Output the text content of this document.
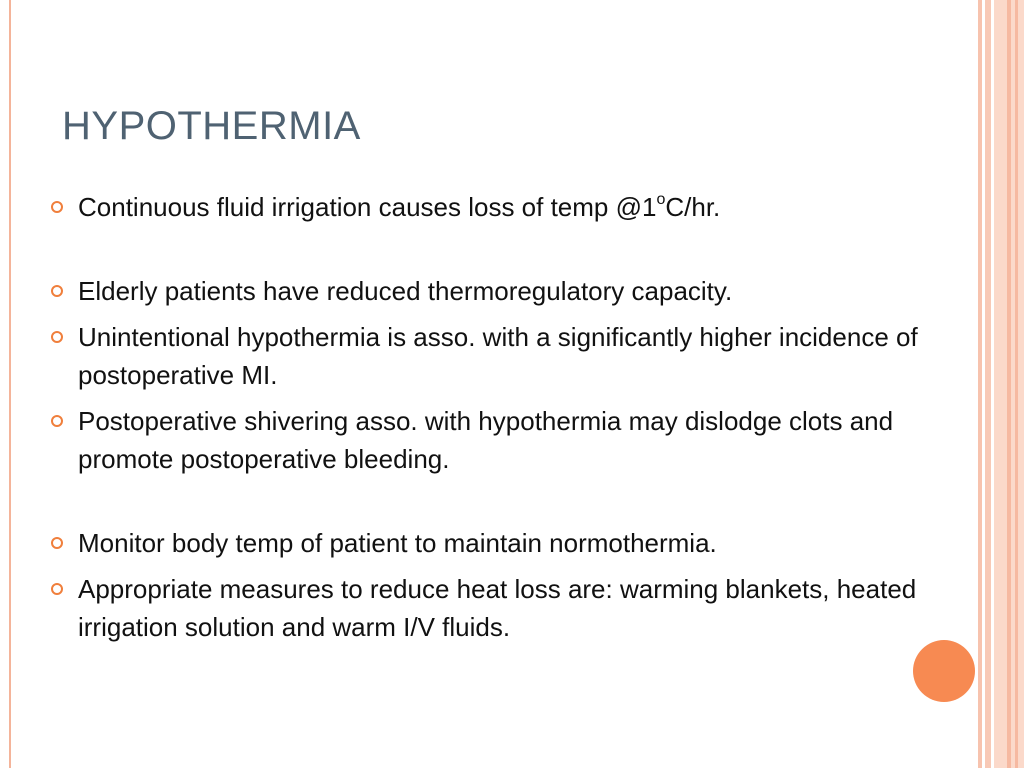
HYPOTHERMIA
Continuous fluid irrigation causes loss of temp @1$^o$C/hr.
Elderly patients have reduced thermoregulatory capacity.
Unintentional hypothermia is asso. with a significantly higher incidence of postoperative MI.
Postoperative shivering asso. with hypothermia may dislodge clots and promote postoperative bleeding.
Monitor body temp of patient to maintain normothermia.
Appropriate measures to reduce heat loss are: warming blankets, heated irrigation solution and warm I/V fluids.
